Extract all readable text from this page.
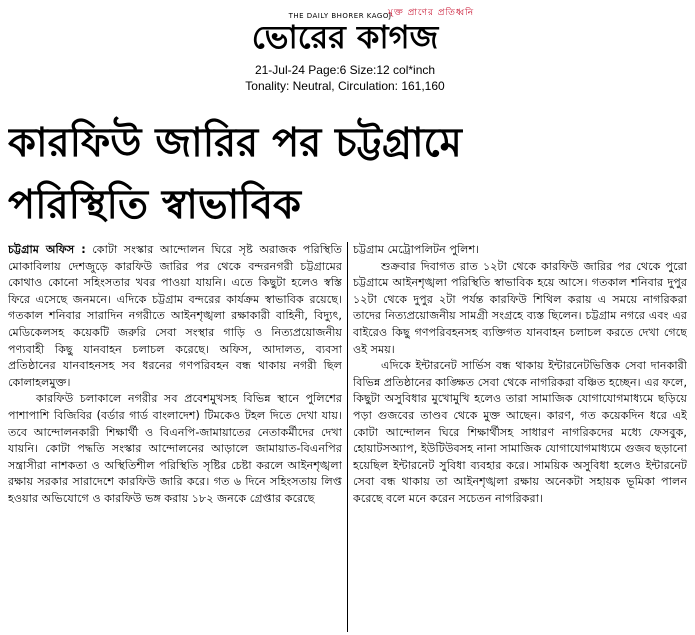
মুক্ত প্রাণের প্রতিধ্বনি
THE DAILY BHORER KAGOJ
ভোরের কাগজ
21-Jul-24 Page:6 Size:12 col*inch
Tonality: Neutral, Circulation: 161,160
কারফিউ জারির পর চট্টগ্রামে
পরিস্থিতি স্বাভাবিক

চট্টগ্রাম অফিস : কোটা সংস্কার আন্দোলন ঘিরে সৃষ্ট অরাজক পরিস্থিতি মোকাবিলায় দেশজুড়ে কারফিউ জারির পর থেকে বন্দরনগরী চট্টগ্রামের কোথাও কোনো সহিংসতার খবর পাওয়া যায়নি। এতে কিছুটা হলেও স্বস্তি ফিরে এসেছে জনমনে। এদিকে চট্টগ্রাম বন্দরের কার্যক্রম স্বাভাবিক রয়েছে। গতকাল শনিবার সারাদিন নগরীতে আইনশৃঙ্খলা রক্ষাকারী বাহিনী, বিদ্যুৎ, মেডিকেলসহ কয়েকটি জরুরি সেবা সংস্থার গাড়ি ও নিত্যপ্রয়োজনীয় পণ্যবাহী কিছু যানবাহন চলাচল করেছে। অফিস, আদালত, ব্যবসা প্রতিষ্ঠানের যানবাহনসহ সব ধরনের গণপরিবহন বন্ধ থাকায় নগরী ছিল কোলাহলমুক্ত।

কারফিউ চলাকালে নগরীর সব প্রবেশমুখসহ বিভিন্ন স্থানে পুলিশের পাশাপাশি বিজিবির (বর্ডার গার্ড বাংলাদেশ) টিমকেও টহল দিতে দেখা যায়। তবে আন্দোলনকারী শিক্ষার্থী ও বিএনপি-জামায়াতের নেতাকর্মীদের দেখা যায়নি। কোটা পদ্ধতি সংস্কার আন্দোলনের আড়ালে জামায়াত-বিএনপির সন্ত্রাসীরা নাশকতা ও অস্থিতিশীল পরিস্থিতি সৃষ্টির চেষ্টা করলে আইনশৃঙ্খলা রক্ষায় সরকার সারাদেশে কারফিউ জারি করে। গত ৬ দিনে সহিংসতায় লিপ্ত হওয়ার অভিযোগে ও কারফিউ ভঙ্গ করায় ১৮২ জনকে গ্রেপ্তার করেছে

চট্টগ্রাম মেট্রোপলিটন পুলিশ।

শুক্রবার দিবাগত রাত ১২টা থেকে কারফিউ জারির পর থেকে পুরো চট্টগ্রামে আইনশৃঙ্খলা পরিস্থিতি স্বাভাবিক হয়ে আসে। গতকাল শনিবার দুপুর ১২টা থেকে দুপুর ২টা পর্যন্ত কারফিউ শিথিল করায় এ সময়ে নাগরিকরা তাদের নিত্যপ্রয়োজনীয় সামগ্রী সংগ্রহে ব্যস্ত ছিলেন। চট্টগ্রাম নগরে এবং এর বাইরেও কিছু গণপরিবহনসহ ব্যক্তিগত যানবাহন চলাচল করতে দেখা গেছে ওই সময়।

এদিকে ইন্টারনেট সার্ভিস বন্ধ থাকায় ইন্টারনেটভিত্তিক সেবা দানকারী বিভিন্ন প্রতিষ্ঠানের কাঙ্ক্ষিত সেবা থেকে নাগরিকরা বঞ্চিত হচ্ছেন। এর ফলে, কিছুটা অসুবিধার মুখোমুখি হলেও তারা সামাজিক যোগাযোগমাধ্যমে ছড়িয়ে পড়া গুজবের তাণ্ডব থেকে মুক্ত আছেন। কারণ, গত কয়েকদিন ধরে এই কোটা আন্দোলন ঘিরে শিক্ষার্থীসহ সাধারণ নাগরিকদের মধ্যে ফেসবুক, হোয়াটসঅ্যাপ, ইউটিউবসহ নানা সামাজিক যোগাযোগমাধ্যমে গুজব ছড়ানো হয়েছিল ইন্টারনেট সুবিধা ব্যবহার করে। সাময়িক অসুবিধা হলেও ইন্টারনেট সেবা বন্ধ থাকায় তা আইনশৃঙ্খলা রক্ষায় অনেকটা সহায়ক ভূমিকা পালন করেছে বলে মনে করেন সচেতন নাগরিকরা।
